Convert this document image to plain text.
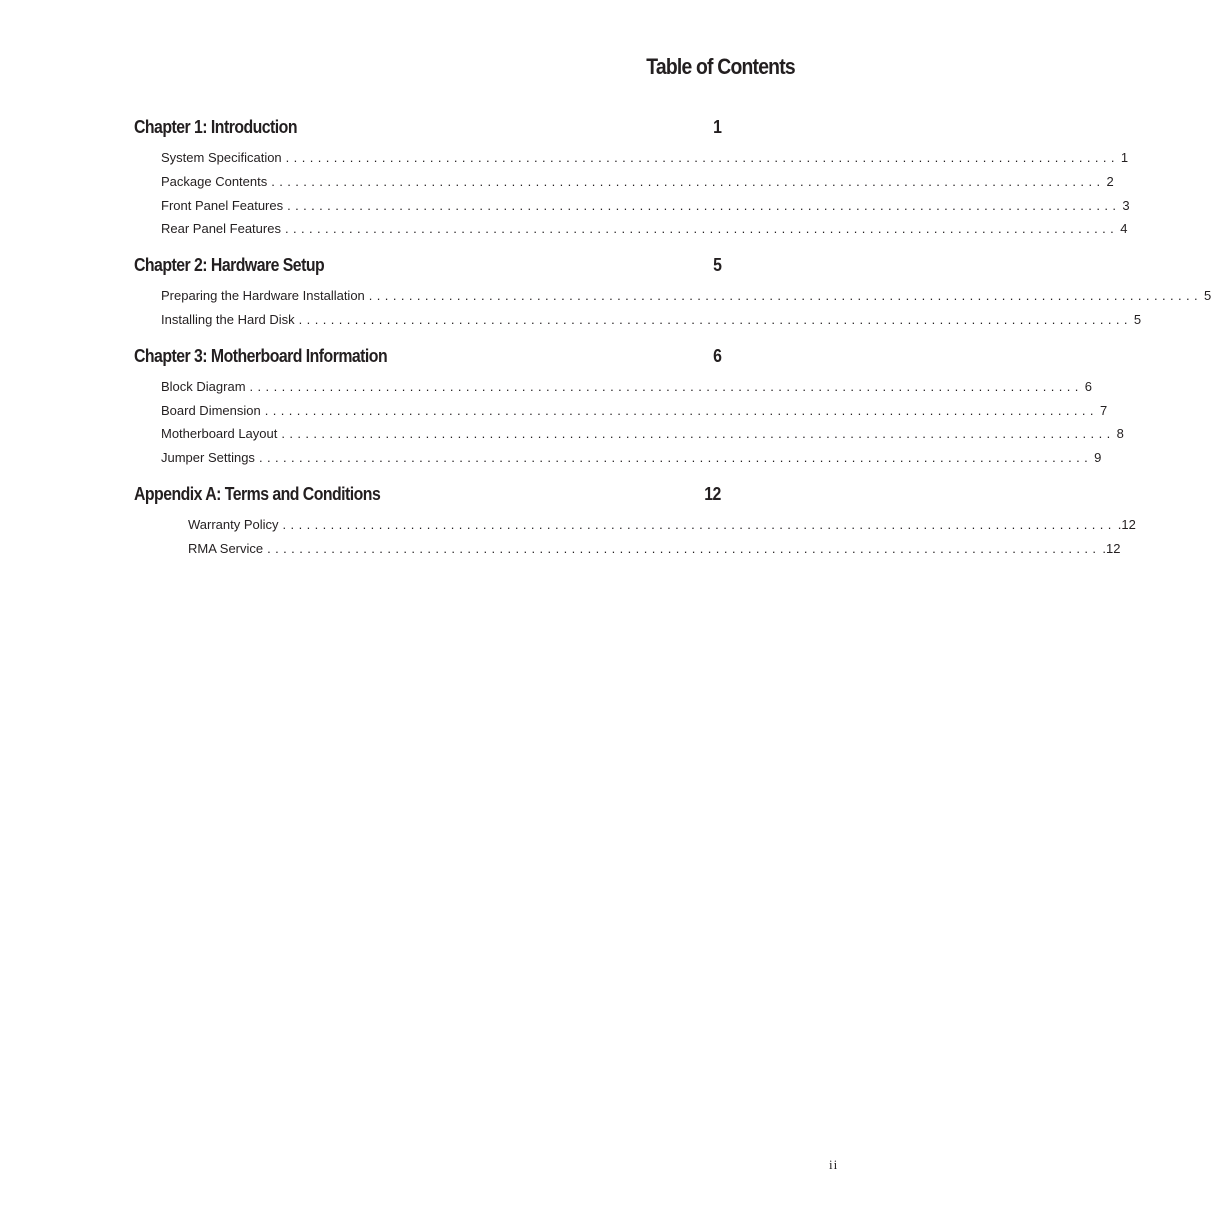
Table of Contents
Chapter 1: Introduction	1
System Specification ........................................................................................................ 1
Package Contents ........................................................................................................ 2
Front Panel Features ........................................................................................................ 3
Rear Panel Features ........................................................................................................ 4
Chapter 2: Hardware Setup	5
Preparing the Hardware Installation ........................................................................................................ 5
Installing the Hard Disk ........................................................................................................ 5
Chapter 3: Motherboard Information	6
Block Diagram ........................................................................................................ 6
Board Dimension ........................................................................................................ 7
Motherboard Layout ........................................................................................................ 8
Jumper Settings ........................................................................................................ 9
Appendix A: Terms and Conditions	12
Warranty Policy ........................................................................................................ .12
RMA Service ........................................................................................................ .12
ii
